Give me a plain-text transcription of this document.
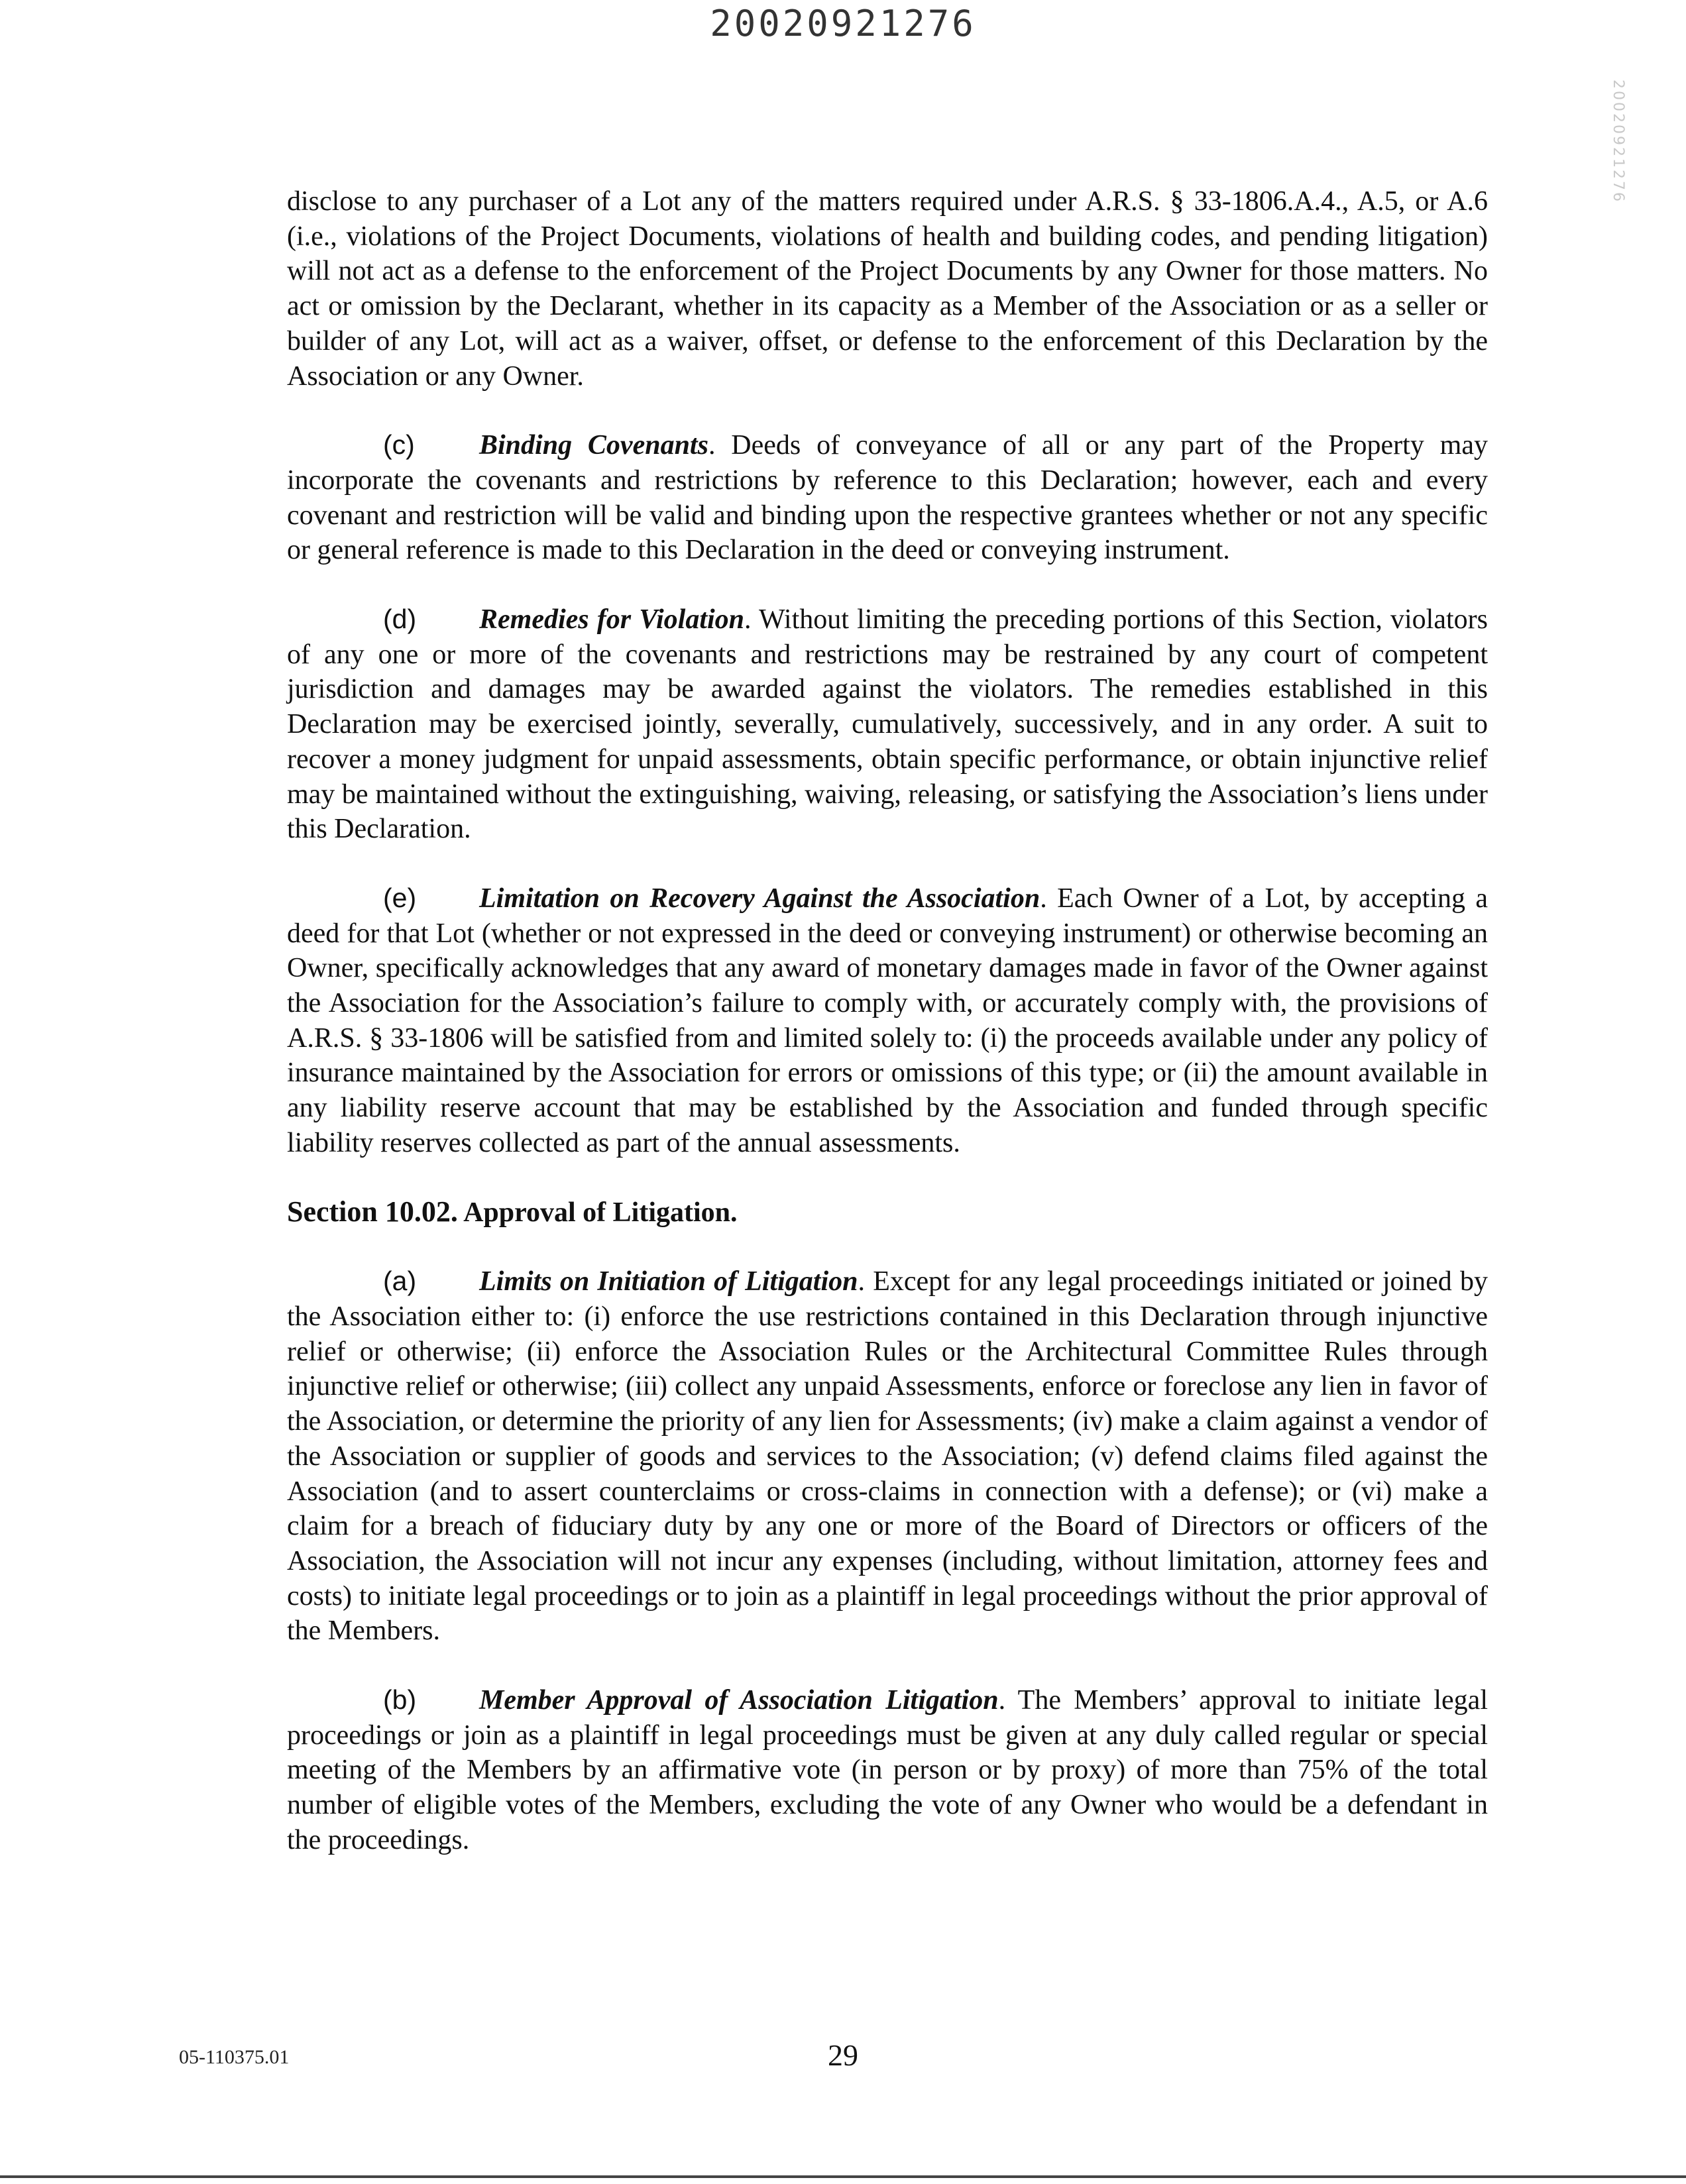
20020921276
20020921276

disclose to any purchaser of a Lot any of the matters required under A.R.S. § 33-1806.A.4., A.5, or A.6 (i.e., violations of the Project Documents, violations of health and building codes, and pending litigation) will not act as a defense to the enforcement of the Project Documents by any Owner for those matters. No act or omission by the Declarant, whether in its capacity as a Member of the Association or as a seller or builder of any Lot, will act as a waiver, offset, or defense to the enforcement of this Declaration by the Association or any Owner.

(c) Binding Covenants. Deeds of conveyance of all or any part of the Property may incorporate the covenants and restrictions by reference to this Declaration; however, each and every covenant and restriction will be valid and binding upon the respective grantees whether or not any specific or general reference is made to this Declaration in the deed or conveying instrument.

(d) Remedies for Violation. Without limiting the preceding portions of this Section, violators of any one or more of the covenants and restrictions may be restrained by any court of competent jurisdiction and damages may be awarded against the violators. The remedies established in this Declaration may be exercised jointly, severally, cumulatively, successively, and in any order. A suit to recover a money judgment for unpaid assessments, obtain specific performance, or obtain injunctive relief may be maintained without the extinguishing, waiving, releasing, or satisfying the Association’s liens under this Declaration.

(e) Limitation on Recovery Against the Association. Each Owner of a Lot, by accepting a deed for that Lot (whether or not expressed in the deed or conveying instrument) or otherwise becoming an Owner, specifically acknowledges that any award of monetary damages made in favor of the Owner against the Association for the Association’s failure to comply with, or accurately comply with, the provisions of A.R.S. § 33-1806 will be satisfied from and limited solely to: (i) the proceeds available under any policy of insurance maintained by the Association for errors or omissions of this type; or (ii) the amount available in any liability reserve account that may be established by the Association and funded through specific liability reserves collected as part of the annual assessments.

Section 10.02. Approval of Litigation.

(a) Limits on Initiation of Litigation. Except for any legal proceedings initiated or joined by the Association either to: (i) enforce the use restrictions contained in this Declaration through injunctive relief or otherwise; (ii) enforce the Association Rules or the Architectural Committee Rules through injunctive relief or otherwise; (iii) collect any unpaid Assessments, enforce or foreclose any lien in favor of the Association, or determine the priority of any lien for Assessments; (iv) make a claim against a vendor of the Association or supplier of goods and services to the Association; (v) defend claims filed against the Association (and to assert counterclaims or cross-claims in connection with a defense); or (vi) make a claim for a breach of fiduciary duty by any one or more of the Board of Directors or officers of the Association, the Association will not incur any expenses (including, without limitation, attorney fees and costs) to initiate legal proceedings or to join as a plaintiff in legal proceedings without the prior approval of the Members.

(b) Member Approval of Association Litigation. The Members’ approval to initiate legal proceedings or join as a plaintiff in legal proceedings must be given at any duly called regular or special meeting of the Members by an affirmative vote (in person or by proxy) of more than 75% of the total number of eligible votes of the Members, excluding the vote of any Owner who would be a defendant in the proceedings.

05-110375.01	29
